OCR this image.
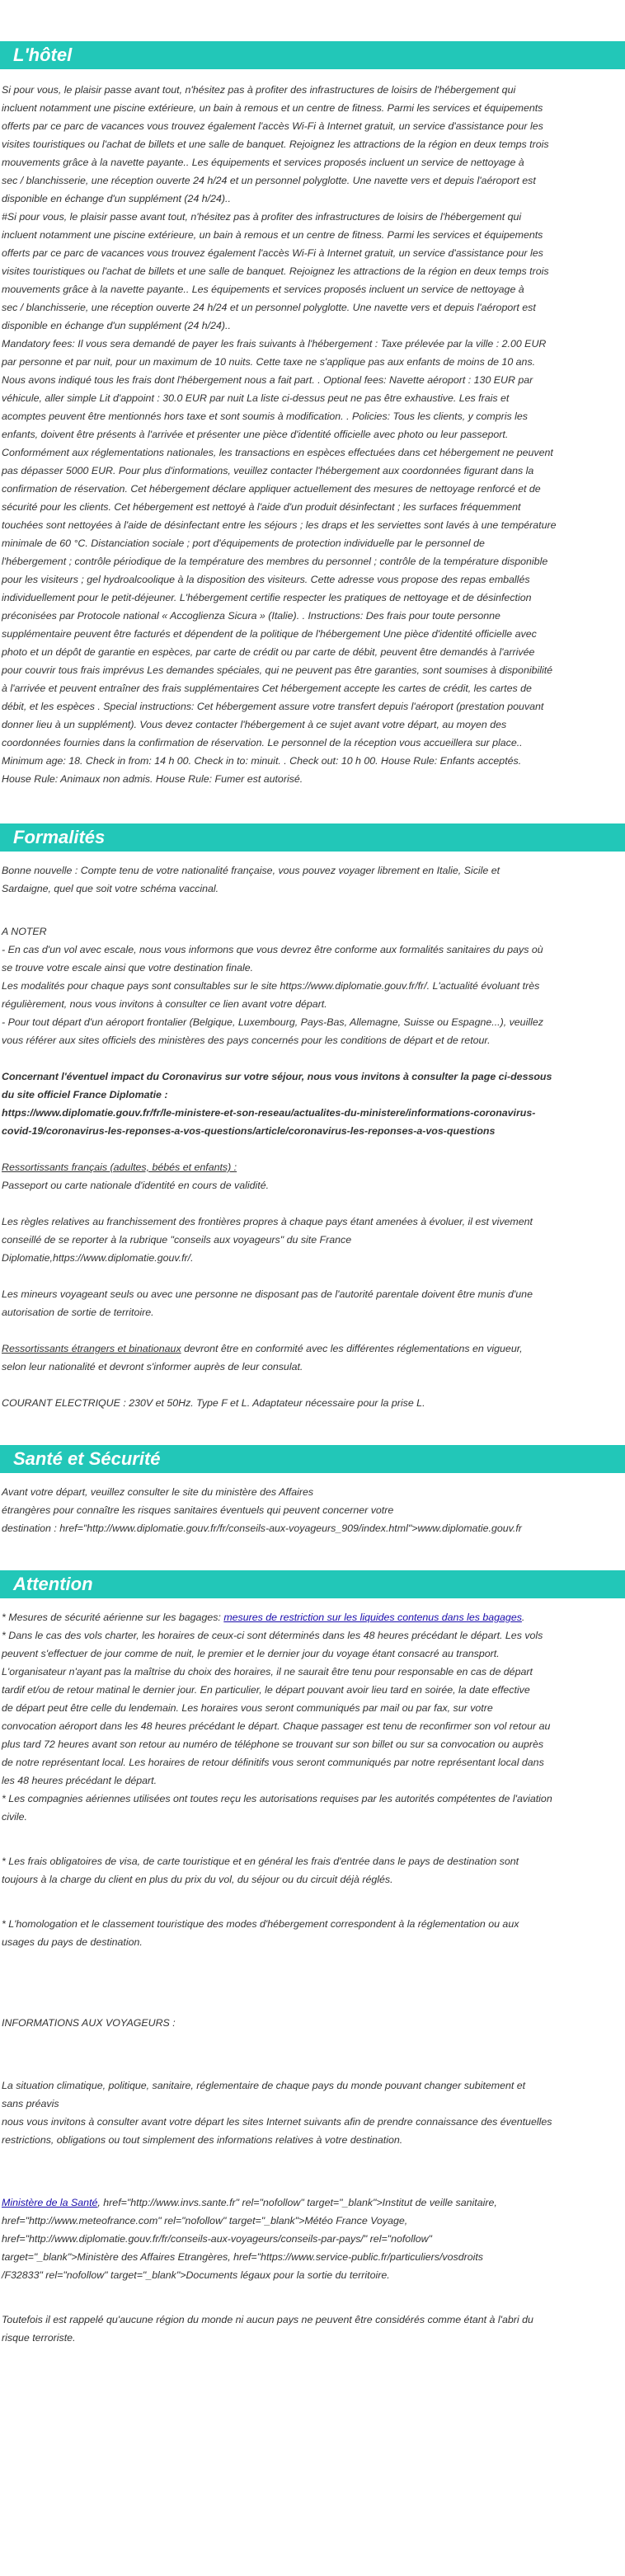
L'hôtel
Si pour vous, le plaisir passe avant tout, n'hésitez pas à profiter des infrastructures de loisirs de l'hébergement qui
incluent notamment une piscine extérieure, un bain à remous et un centre de fitness. Parmi les services et équipements
offerts par ce parc de vacances vous trouvez également l'accès Wi-Fi à Internet gratuit, un service d'assistance pour les
visites touristiques ou l'achat de billets et une salle de banquet. Rejoignez les attractions de la région en deux temps trois
mouvements grâce à la navette payante.. Les équipements et services proposés incluent un service de nettoyage à
sec / blanchisserie, une réception ouverte 24 h/24 et un personnel polyglotte. Une navette vers et depuis l'aéroport est
disponible en échange d'un supplément (24 h/24)..
#Si pour vous, le plaisir passe avant tout, n'hésitez pas à profiter des infrastructures de loisirs de l'hébergement qui
incluent notamment une piscine extérieure, un bain à remous et un centre de fitness. Parmi les services et équipements
offerts par ce parc de vacances vous trouvez également l'accès Wi-Fi à Internet gratuit, un service d'assistance pour les
visites touristiques ou l'achat de billets et une salle de banquet. Rejoignez les attractions de la région en deux temps trois
mouvements grâce à la navette payante.. Les équipements et services proposés incluent un service de nettoyage à
sec / blanchisserie, une réception ouverte 24 h/24 et un personnel polyglotte. Une navette vers et depuis l'aéroport est
disponible en échange d'un supplément (24 h/24)..
Mandatory fees: Il vous sera demandé de payer les frais suivants à l'hébergement : Taxe prélevée par la ville : 2.00 EUR
par personne et par nuit, pour un maximum de 10 nuits. Cette taxe ne s'applique pas aux enfants de moins de 10 ans.
Nous avons indiqué tous les frais dont l'hébergement nous a fait part. . Optional fees: Navette aéroport : 130 EUR par
véhicule, aller simple Lit d'appoint : 30.0 EUR par nuit La liste ci-dessus peut ne pas être exhaustive. Les frais et
acomptes peuvent être mentionnés hors taxe et sont soumis à modification. . Policies: Tous les clients, y compris les
enfants, doivent être présents à l'arrivée et présenter une pièce d'identité officielle avec photo ou leur passeport.
Conformément aux réglementations nationales, les transactions en espèces effectuées dans cet hébergement ne peuvent
pas dépasser 5000 EUR. Pour plus d'informations, veuillez contacter l'hébergement aux coordonnées figurant dans la
confirmation de réservation. Cet hébergement déclare appliquer actuellement des mesures de nettoyage renforcé et de
sécurité pour les clients. Cet hébergement est nettoyé à l'aide d'un produit désinfectant ; les surfaces fréquemment
touchées sont nettoyées à l'aide de désinfectant entre les séjours ; les draps et les serviettes sont lavés à une température
minimale de 60 °C. Distanciation sociale ; port d'équipements de protection individuelle par le personnel de
l'hébergement ; contrôle périodique de la température des membres du personnel ; contrôle de la température disponible
pour les visiteurs ; gel hydroalcoolique à la disposition des visiteurs. Cette adresse vous propose des repas emballés
individuellement pour le petit-déjeuner. L'hébergement certifie respecter les pratiques de nettoyage et de désinfection
préconisées par Protocole national « Accoglienza Sicura » (Italie). . Instructions: Des frais pour toute personne
supplémentaire peuvent être facturés et dépendent de la politique de l'hébergement Une pièce d'identité officielle avec
photo et un dépôt de garantie en espèces, par carte de crédit ou par carte de débit, peuvent être demandés à l'arrivée
pour couvrir tous frais imprévus Les demandes spéciales, qui ne peuvent pas être garanties, sont soumises à disponibilité
à l'arrivée et peuvent entraîner des frais supplémentaires Cet hébergement accepte les cartes de crédit, les cartes de
débit, et les espèces . Special instructions: Cet hébergement assure votre transfert depuis l'aéroport (prestation pouvant
donner lieu à un supplément). Vous devez contacter l'hébergement à ce sujet avant votre départ, au moyen des
coordonnées fournies dans la confirmation de réservation. Le personnel de la réception vous accueillera sur place..
Minimum age: 18. Check in from: 14 h 00. Check in to: minuit. . Check out: 10 h 00. House Rule: Enfants acceptés.
House Rule: Animaux non admis. House Rule: Fumer est autorisé.
Formalités
Bonne nouvelle : Compte tenu de votre nationalité française, vous pouvez voyager librement en Italie, Sicile et
Sardaigne, quel que soit votre schéma vaccinal.
A NOTER
- En cas d'un vol avec escale, nous vous informons que vous devrez être conforme aux formalités sanitaires du pays où
se trouve votre escale ainsi que votre destination finale.
Les modalités pour chaque pays sont consultables sur le site https://www.diplomatie.gouv.fr/fr/. L'actualité évoluant très
régulièrement, nous vous invitons à consulter ce lien avant votre départ.
- Pour tout départ d'un aéroport frontalier (Belgique, Luxembourg, Pays-Bas, Allemagne, Suisse ou Espagne...), veuillez
vous référer aux sites officiels des ministères des pays concernés pour les conditions de départ et de retour.
Concernant l'éventuel impact du Coronavirus sur votre séjour, nous vous invitons à consulter la page ci-dessous
du site officiel France Diplomatie :
https://www.diplomatie.gouv.fr/fr/le-ministere-et-son-reseau/actualites-du-ministere/informations-coronavirus-
covid-19/coronavirus-les-reponses-a-vos-questions/article/coronavirus-les-reponses-a-vos-questions
Ressortissants français (adultes, bébés et enfants) :
Passeport ou carte nationale d'identité en cours de validité.
Les règles relatives au franchissement des frontières propres à chaque pays étant amenées à évoluer, il est vivement
conseillé de se reporter à la rubrique "conseils aux voyageurs" du site France
Diplomatie,https://www.diplomatie.gouv.fr/.
Les mineurs voyageant seuls ou avec une personne ne disposant pas de l'autorité parentale doivent être munis d'une
autorisation de sortie de territoire.
Ressortissants étrangers et binationaux devront être en conformité avec les différentes réglementations en vigueur,
selon leur nationalité et devront s'informer auprès de leur consulat.
COURANT ELECTRIQUE : 230V et 50Hz. Type F et L. Adaptateur nécessaire pour la prise L.
Santé et Sécurité
Avant votre départ, veuillez consulter le site du ministère des Affaires
étrangères pour connaître les risques sanitaires éventuels qui peuvent concerner votre
destination : href="http://www.diplomatie.gouv.fr/fr/conseils-aux-voyageurs_909/index.html">www.diplomatie.gouv.fr
Attention
* Mesures de sécurité aérienne sur les bagages: mesures de restriction sur les liquides contenus dans les bagages.
* Dans le cas des vols charter, les horaires de ceux-ci sont déterminés dans les 48 heures précédant le départ. Les vols
peuvent s'effectuer de jour comme de nuit, le premier et le dernier jour du voyage étant consacré au transport.
L'organisateur n'ayant pas la maîtrise du choix des horaires, il ne saurait être tenu pour responsable en cas de départ
tardif et/ou de retour matinal le dernier jour. En particulier, le départ pouvant avoir lieu tard en soirée, la date effective
de départ peut être celle du lendemain. Les horaires vous seront communiqués par mail ou par fax, sur votre
convocation aéroport dans les 48 heures précédant le départ. Chaque passager est tenu de reconfirmer son vol retour au
plus tard 72 heures avant son retour au numéro de téléphone se trouvant sur son billet ou sur sa convocation ou auprès
de notre représentant local. Les horaires de retour définitifs vous seront communiqués par notre représentant local dans
les 48 heures précédant le départ.
* Les compagnies aériennes utilisées ont toutes reçu les autorisations requises par les autorités compétentes de l'aviation
civile.
* Les frais obligatoires de visa, de carte touristique et en général les frais d'entrée dans le pays de destination sont
toujours à la charge du client en plus du prix du vol, du séjour ou du circuit déjà réglés.
* L'homologation et le classement touristique des modes d'hébergement correspondent à la réglementation ou aux
usages du pays de destination.
INFORMATIONS AUX VOYAGEURS :
La situation climatique, politique, sanitaire, réglementaire de chaque pays du monde pouvant changer subitement et
sans préavis
nous vous invitons à consulter avant votre départ les sites Internet suivants afin de prendre connaissance des éventuelles
restrictions, obligations ou tout simplement des informations relatives à votre destination.
Ministère de la Santé, href="http://www.invs.sante.fr" rel="nofollow" target="_blank">Institut de veille sanitaire,
href="http://www.meteofrance.com" rel="nofollow" target="_blank">Météo France Voyage,
href="http://www.diplomatie.gouv.fr/fr/conseils-aux-voyageurs/conseils-par-pays/" rel="nofollow"
target="_blank">Ministère des Affaires Etrangères, href="https://www.service-public.fr/particuliers/vosdroits
/F32833" rel="nofollow" target="_blank">Documents légaux pour la sortie du territoire.
Toutefois il est rappelé qu'aucune région du monde ni aucun pays ne peuvent être considérés comme étant à l'abri du
risque terroriste.
